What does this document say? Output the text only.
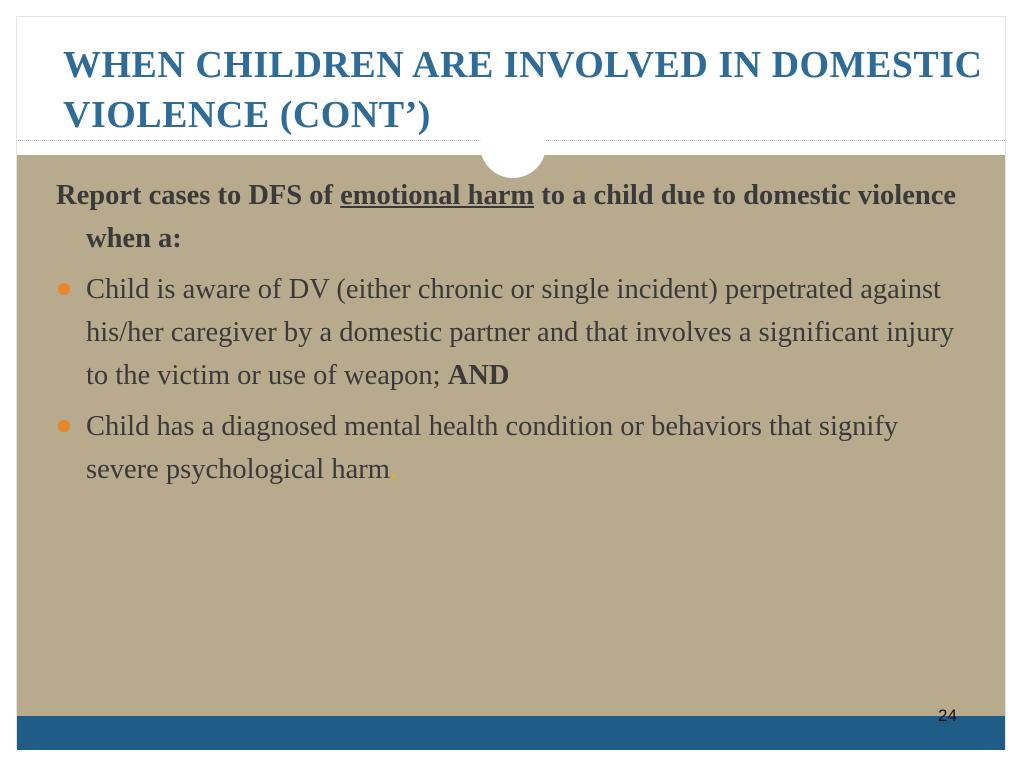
WHEN CHILDREN ARE INVOLVED IN DOMESTIC VIOLENCE (CONT’)

Report cases to DFS of emotional harm to a child due to domestic violence when a:

Child is aware of DV (either chronic or single incident) perpetrated against his/her caregiver by a domestic partner and that involves a significant injury to the victim or use of weapon; AND
Child has a diagnosed mental health condition or behaviors that signify severe psychological harm.
24
